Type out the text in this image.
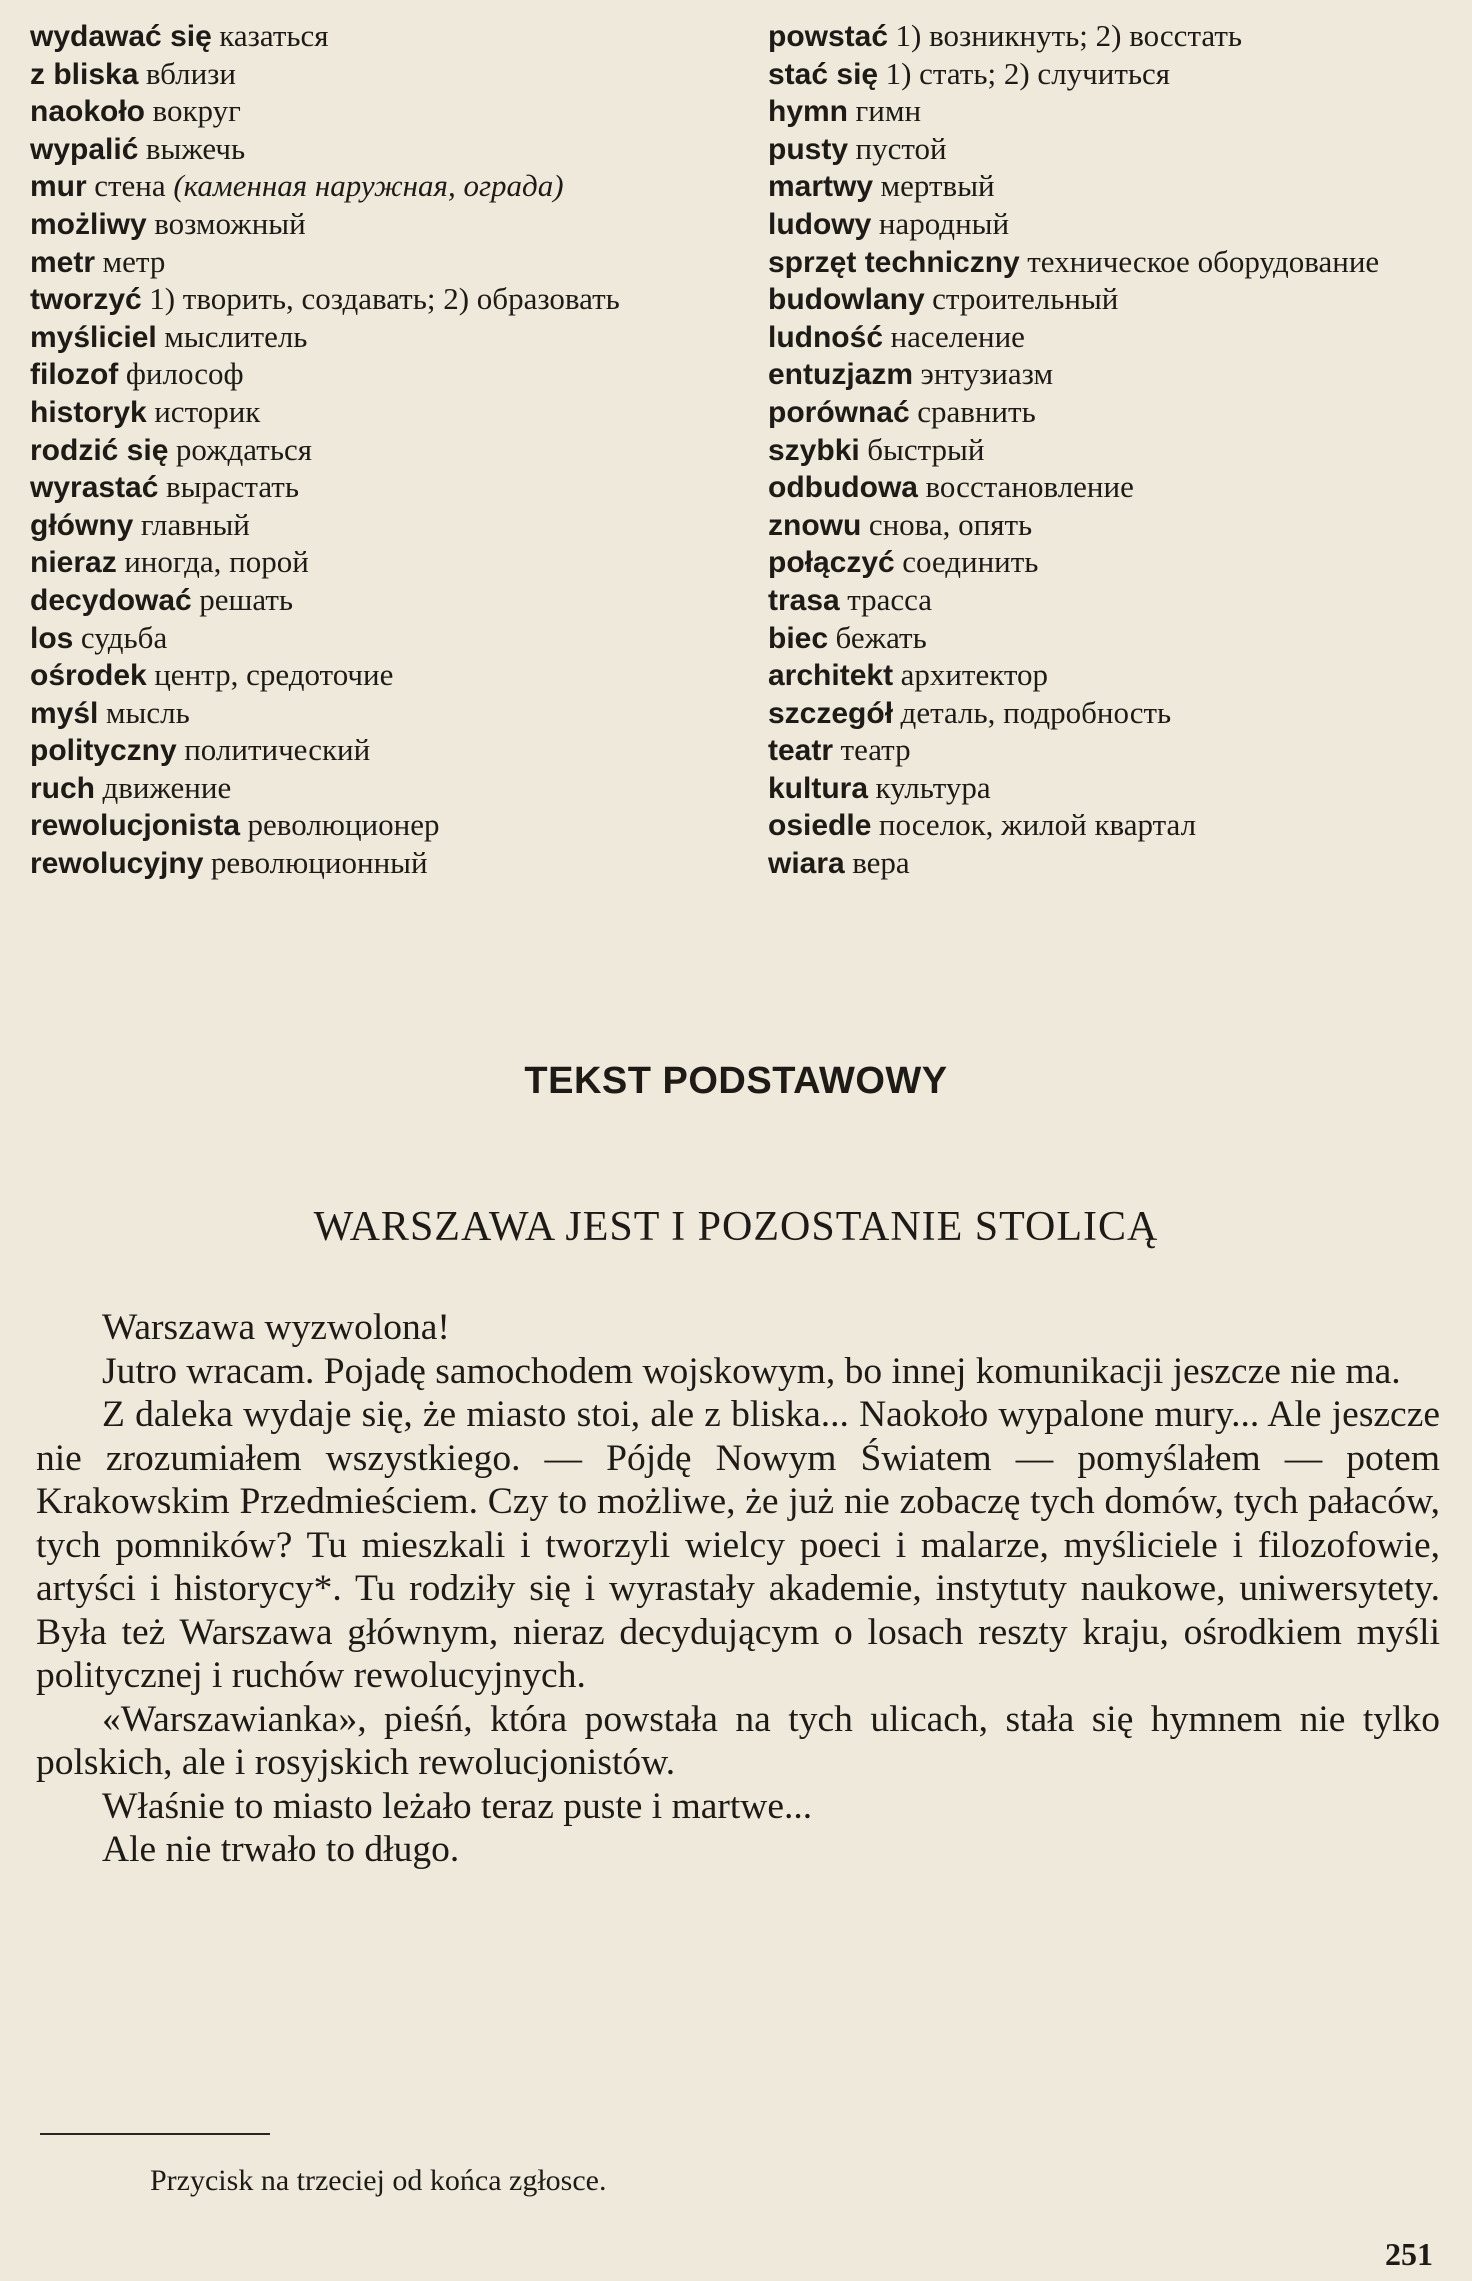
wydawać się казаться
z bliska вблизи
naokoło вокруг
wypalić выжечь
mur стена (каменная наружная, ограда)
możliwy возможный
metr метр
tworzyć 1) творить, создавать; 2) образовать
myśliciel мыслитель
filozof философ
historyk историк
rodzić się рождаться
wyrastać вырастать
główny главный
nieraz иногда, порой
decydować решать
los судьба
ośrodek центр, средоточие
myśl мысль
polityczny политический
ruch движение
rewolucjonista революционер
rewolucyjny революционный
powstać 1) возникнуть; 2) восстать
stać się 1) стать; 2) случиться
hymn гимн
pusty пустой
martwy мертвый
ludowy народный
sprzęt techniczny техническое оборудование
budowlany строительный
ludność население
entuzjazm энтузиазм
porównać сравнить
szybki быстрый
odbudowa восстановление
znowu снова, опять
połączyć соединить
trasa трасса
biec бежать
architekt архитектор
szczegół деталь, подробность
teatr театр
kultura культура
osiedle поселок, жилой квартал
wiara вера
TEKST PODSTAWOWY
WARSZAWA JEST I POZOSTANIE STOLICĄ

Warszawa wyzwolona!

Jutro wracam. Pojadę samochodem wojskowym, bo innej komunikacji jeszcze nie ma.

Z daleka wydaje się, że miasto stoi, ale z bliska... Naokoło wypalone mury... Ale jeszcze nie zrozumiałem wszystkiego. — Pójdę Nowym Światem — pomyślałem — potem Krakowskim Przedmieściem. Czy to możliwe, że już nie zobaczę tych domów, tych pałaców, tych pomników? Tu mieszkali i tworzyli wielcy poeci i malarze, myśliciele i filozofowie, artyści i historycy*. Tu rodziły się i wyrastały akademie, instytuty naukowe, uniwersytety. Była też Warszawa głównym, nieraz decydującym o losach reszty kraju, ośrodkiem myśli politycznej i ruchów rewolucyjnych.

«Warszawianka», pieśń, która powstała na tych ulicach, stała się hymnem nie tylko polskich, ale i rosyjskich rewolucjonistów.

Właśnie to miasto leżało teraz puste i martwe...

Ale nie trwało to długo.

Przycisk na trzeciej od końca zgłosce.
251
